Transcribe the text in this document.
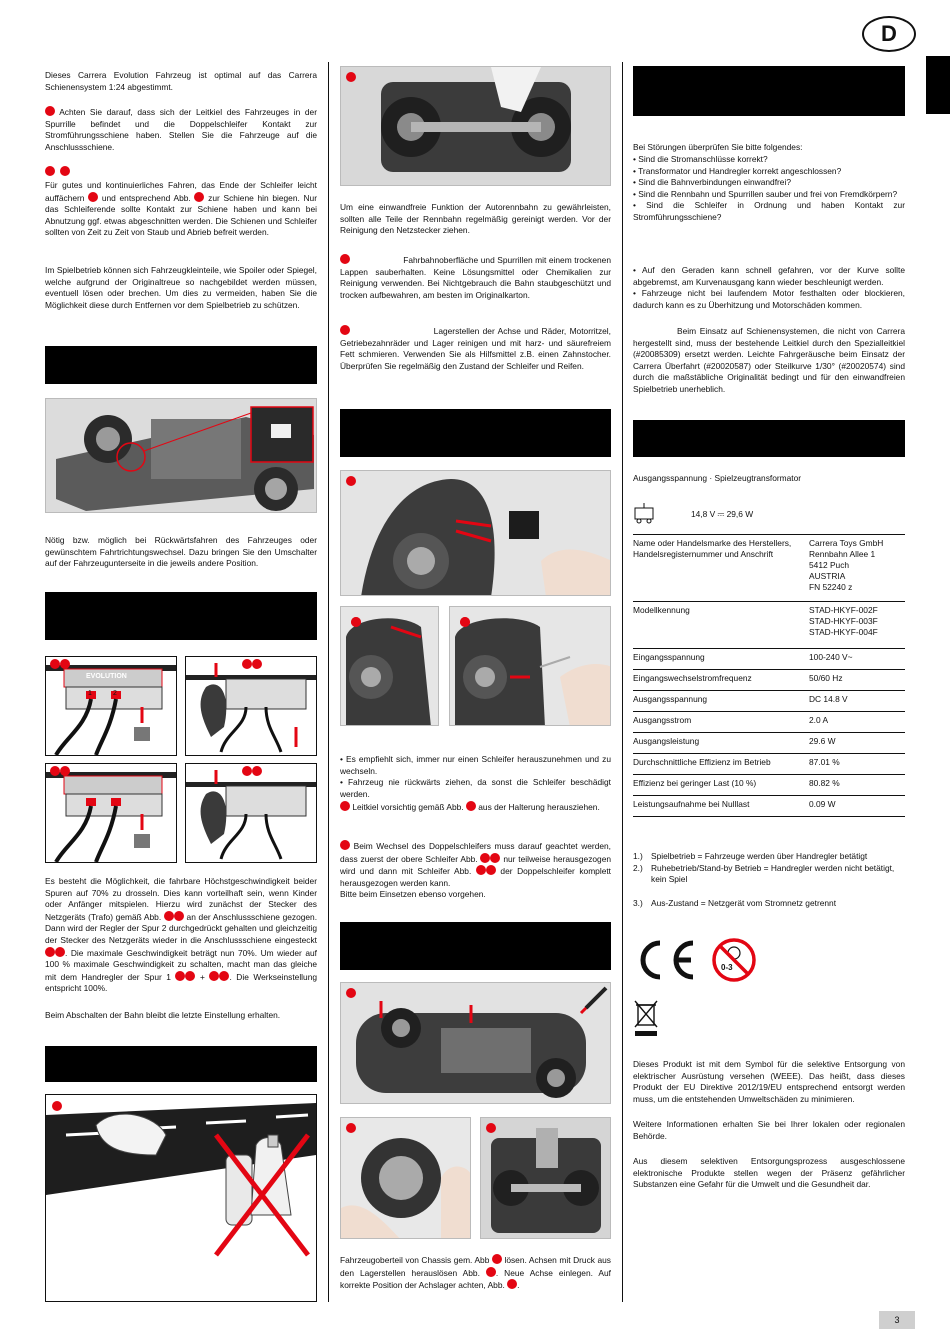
D

Dieses Carrera Evolution Fahrzeug ist optimal auf das Carrera Schienensystem 1:24 abgestimmt.

Achten Sie darauf, dass sich der Leitkiel des Fahrzeuges in der Spurrille befindet und die Doppelschleifer Kontakt zur Stromführungsschiene haben. Stellen Sie die Fahrzeuge auf die Anschlussschiene.

Für gutes und kontinuierliches Fahren, das Ende der Schleifer leicht auffächern und entsprechend Abb. zur Schiene hin biegen. Nur das Schleiferende sollte Kontakt zur Schiene haben und kann bei Abnutzung ggf. etwas abgeschnitten werden. Die Schienen und Schleifer sollten von Zeit zu Zeit von Staub und Abrieb befreit werden.

Im Spielbetrieb können sich Fahrzeugkleinteile, wie Spoiler oder Spiegel, welche aufgrund der Originaltreue so nachgebildet werden müssen, eventuell lösen oder brechen. Um dies zu vermeiden, haben Sie die Möglichkeit diese durch Entfernen vor dem Spielbetrieb zu schützen.

Nötig bzw. möglich bei Rückwärtsfahren des Fahrzeuges oder gewünschtem Fahrtrichtungswechsel. Dazu bringen Sie den Umschalter auf der Fahrzeugunterseite in die jeweils andere Position.

EVOLUTION
1	2

Es besteht die Möglichkeit, die fahrbare Höchstgeschwindigkeit beider Spuren auf 70% zu drosseln. Dies kann vorteilhaft sein, wenn Kinder oder Anfänger mitspielen. Hierzu wird zunächst der Stecker des Netzgeräts (Trafo) gemäß Abb.	an der Anschlussschiene gezogen. Dann wird der Regler der Spur 2 durchgedrückt gehalten und gleichzeitig der Stecker des Netzgeräts wieder in die Anschlussschiene eingesteckt . Die maximale Geschwindigkeit beträgt nun 70%. Um wieder auf 100 % maximale Geschwindigkeit zu schalten, macht man das gleiche mit dem Handregler der Spur 1	+	. Die Werkseinstellung entspricht 100%.

Beim Abschalten der Bahn bleibt die letzte Einstellung erhalten.

Um eine einwandfreie Funktion der Autorennbahn zu gewährleisten, sollten alle Teile der Rennbahn regelmäßig gereinigt werden. Vor der Reinigung den Netzstecker ziehen.

Fahrbahnoberfläche und Spurrillen mit einem trockenen Lappen sauberhalten. Keine Lösungsmittel oder Chemikalien zur Reinigung verwenden. Bei Nichtgebrauch die Bahn staubgeschützt und trocken aufbewahren, am besten im Originalkarton.

Lagerstellen der Achse und Räder, Motorritzel, Getriebezahnräder und Lager reinigen und mit harz- und säurefreiem Fett schmieren. Verwenden Sie als Hilfsmittel z.B. einen Zahnstocher. Überprüfen Sie regelmäßig den Zustand der Schleifer und Reifen.

• Es empfiehlt sich, immer nur einen Schleifer herauszunehmen und zu wechseln.

• Fahrzeug nie rückwärts ziehen, da sonst die Schleifer beschädigt werden.

Leitkiel vorsichtig gemäß Abb. aus der Halterung herausziehen.

Beim Wechsel des Doppelschleifers muss darauf geachtet werden, dass zuerst der obere Schleifer Abb.	nur teilweise herausgezogen wird und dann mit Schleifer Abb.	der Doppelschleifer komplett herausgezogen werden kann.
Bitte beim Einsetzen ebenso vorgehen.

Fahrzeugoberteil von Chassis gem. Abb lösen. Achsen mit Druck aus den Lagerstellen herauslösen Abb. . Neue Achse einlegen. Auf korrekte Position der Achslager achten, Abb. .

Bei Störungen überprüfen Sie bitte folgendes:

• Sind die Stromanschlüsse korrekt?

• Transformator und Handregler korrekt angeschlossen?

• Sind die Bahnverbindungen einwandfrei?

• Sind die Rennbahn und Spurrillen sauber und frei von Fremdkörpern?

• Sind die Schleifer in Ordnung und haben Kontakt zur Stromführungsschiene?

• Auf den Geraden kann schnell gefahren, vor der Kurve sollte abgebremst, am Kurvenausgang kann wieder beschleunigt werden.

• Fahrzeuge nicht bei laufendem Motor festhalten oder blockieren, dadurch kann es zu Überhitzung und Motorschäden kommen.

Beim Einsatz auf Schienensystemen, die nicht von Carrera hergestellt sind, muss der bestehende Leitkiel durch den Spezialleitkiel (#20085309) ersetzt werden. Leichte Fahrgeräusche beim Einsatz der Carrera Überfahrt (#20020587) oder Steilkurve 1/30° (#20020574) sind durch die maßstäbliche Originalität bedingt und für den einwandfreien Spielbetrieb unerheblich.

Ausgangsspannung · Spielzeugtransformator

14,8 V ⎓ 29,6 W
Name oder Handelsmarke des Herstellers, Handelsregisternummer und Anschrift	Carrera Toys GmbH
Rennbahn Allee 1
5412 Puch
AUSTRIA
FN 52240 z
Modellkennung	STAD-HKYF-002F
STAD-HKYF-003F
STAD-HKYF-004F
Eingangsspannung	100-240 V~
Eingangswechselstromfrequenz	50/60 Hz
Ausgangsspannung	DC 14.8 V
Ausgangsstrom	2.0 A
Ausgangsleistung	29.6 W
Durchschnittliche Effizienz im Betrieb	87.01 %
Effizienz bei geringer Last (10 %)	80.82 %
Leistungsaufnahme bei Nulllast	0.09 W
1.) Spielbetrieb = Fahrzeuge werden über Handregler betätigt
2.) Ruhebetrieb/Stand-by Betrieb = Handregler werden nicht betätigt, kein Spiel
3.) Aus-Zustand = Netzgerät vom Stromnetz getrennt
0-3

Dieses Produkt ist mit dem Symbol für die selektive Entsorgung von elektrischer Ausrüstung versehen (WEEE). Das heißt, dass dieses Produkt der EU Direktive 2012/19/EU entsprechend entsorgt werden muss, um die entstehenden Umweltschäden zu minimieren.

Weitere Informationen erhalten Sie bei Ihrer lokalen oder regionalen Behörde.

Aus diesem selektiven Entsorgungsprozess ausgeschlossene elektronische Produkte stellen wegen der Präsenz gefährlicher Substanzen eine Gefahr für die Umwelt und die Gesundheit dar.

3
